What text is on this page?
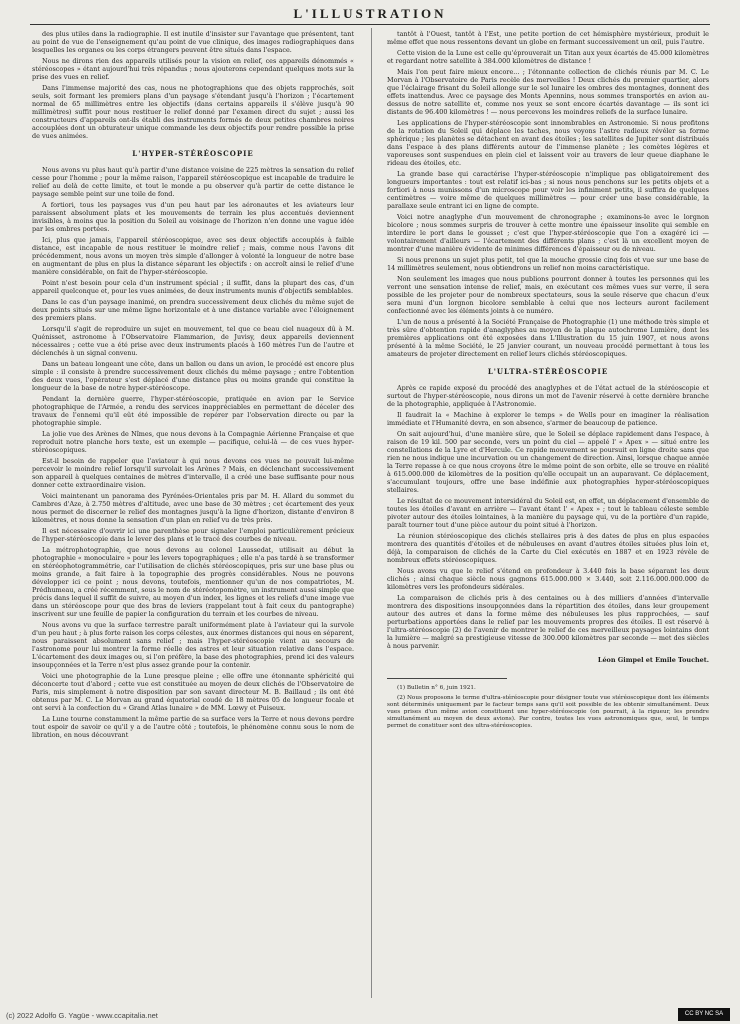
L'ILLUSTRATION

des plus utiles dans la radiographie. Il est inutile d'insister sur l'avantage que présentent, tant au point de vue de l'enseignement qu'au point de vue clinique, des images radiographiques dans lesquelles les organes ou les corps étrangers peuvent être situés dans l'espace.

Nous ne dirons rien des appareils utilisés pour la vision en relief, ces appareils dénommés « stéréoscopes » étant aujourd'hui très répandus ; nous ajouterons cependant quelques mots sur la prise des vues en relief.

Dans l'immense majorité des cas, nous ne photographions que des objets rapprochés, soit seuls, soit formant les premiers plans d'un paysage s'étendant jusqu'à l'horizon ; l'écartement normal de 65 millimètres entre les objectifs (dans certains appareils il s'élève jusqu'à 90 millimètres) suffit pour nous restituer le relief donné par l'examen direct du sujet ; aussi les constructeurs d'appareils ont-ils établi des instruments formés de deux petites chambres noires accouplées dont un obturateur unique commande les deux objectifs pour rendre possible la prise de vues animées.

L'HYPER-STÉRÉOSCOPIE

Nous avons vu plus haut qu'à partir d'une distance voisine de 225 mètres la sensation du relief cesse pour l'homme ; pour la même raison, l'appareil stéréoscopique est incapable de traduire le relief au delà de cette limite, et tout le monde a pu observer qu'à partir de cette distance le paysage semble peint sur une toile de fond.

A fortiori, tous les paysages vus d'un peu haut par les aéronautes et les aviateurs leur paraissent absolument plats et les mouvements de terrain les plus accentués deviennent invisibles, à moins que la position du Soleil au voisinage de l'horizon n'en donne une vague idée par les ombres portées.

Ici, plus que jamais, l'appareil stéréoscopique, avec ses deux objectifs accouplés à faible distance, est incapable de nous restituer le moindre relief ; mais, comme nous l'avons dit précédemment, nous avons un moyen très simple d'allonger à volonté la longueur de notre base en augmentant de plus en plus la distance séparant les objectifs : on accroît ainsi le relief d'une manière considérable, on fait de l'hyper-stéréoscopie.

Point n'est besoin pour cela d'un instrument spécial ; il suffit, dans la plupart des cas, d'un appareil quelconque et, pour les vues animées, de deux instruments munis d'objectifs semblables.

Dans le cas d'un paysage inanimé, on prendra successivement deux clichés du même sujet de deux points situés sur une même ligne horizontale et à une distance variable avec l'éloignement des premiers plans.

Lorsqu'il s'agit de reproduire un sujet en mouvement, tel que ce beau ciel nuageux dû à M. Quénisset, astronome à l'Observatoire Flammarion, de Juvisy, deux appareils deviennent nécessaires ; cette vue a été prise avec deux instruments placés à 160 mètres l'un de l'autre et déclenchés à un signal convenu.

Dans un bateau longeant une côte, dans un ballon ou dans un avion, le procédé est encore plus simple : il consiste à prendre successivement deux clichés du même paysage ; entre l'obtention des deux vues, l'opérateur s'est déplacé d'une distance plus ou moins grande qui constitue la longueur de la base de notre hyper-stéréoscope.

Pendant la dernière guerre, l'hyper-stéréoscopie, pratiquée en avion par le Service photographique de l'Armée, a rendu des services inappréciables en permettant de déceler des travaux de l'ennemi qu'il eût été impossible de repérer par l'observation directe ou par la photographie simple.

La jolie vue des Arènes de Nîmes, que nous devons à la Compagnie Aérienne Française et que reproduit notre planche hors texte, est un exemple — pacifique, celui-là — de ces vues hyper-stéréoscopiques.

Est-il besoin de rappeler que l'aviateur à qui nous devons ces vues ne pouvait lui-même percevoir le moindre relief lorsqu'il survolait les Arènes ? Mais, en déclenchant successivement son appareil à quelques centaines de mètres d'intervalle, il a créé une base suffisante pour nous donner cette extraordinaire vision.

Voici maintenant un panorama des Pyrénées-Orientales pris par M. H. Allard du sommet du Cambres d'Aze, à 2.750 mètres d'altitude, avec une base de 30 mètres ; cet écartement des yeux nous permet de discerner le relief des montagnes jusqu'à la ligne d'horizon, distante d'environ 8 kilomètres, et nous donne la sensation d'un plan en relief vu de très près.

Il est nécessaire d'ouvrir ici une parenthèse pour signaler l'emploi particulièrement précieux de l'hyper-stéréoscopie dans le lever des plans et le tracé des courbes de niveau.

La métrophotographie, que nous devons au colonel Laussedat, utilisait au début la photographie « monoculaire » pour les levers topographiques ; elle n'a pas tardé à se transformer en stéréophotogrammétrie, car l'utilisation de clichés stéréoscopiques, pris sur une base plus ou moins grande, a fait faire à la topographie des progrès considérables. Nous ne pouvons développer ici ce point ; nous devons, toutefois, mentionner qu'un de nos compatriotes, M. Prédhumeau, a créé récemment, sous le nom de stéréotopomètre, un instrument aussi simple que précis dans lequel il suffit de suivre, au moyen d'un index, les lignes et les reliefs d'une image vue dans un stéréoscope pour que des bras de leviers (rappelant tout à fait ceux du pantographe) inscrivent sur une feuille de papier la configuration du terrain et les courbes de niveau.

Nous avons vu que la surface terrestre paraît uniformément plate à l'aviateur qui la survole d'un peu haut ; à plus forte raison les corps célestes, aux énormes distances qui nous en séparent, nous paraissent absolument sans relief ; mais l'hyper-stéréoscopie vient au secours de l'astronome pour lui montrer la forme réelle des astres et leur situation relative dans l'espace. L'écartement des deux images ou, si l'on préfère, la base des photographies, prend ici des valeurs insoupçonnées et la Terre n'est plus assez grande pour la contenir.

Voici une photographie de la Lune presque pleine ; elle offre une étonnante sphéricité qui déconcerte tout d'abord ; cette vue est constituée au moyen de deux clichés de l'Observatoire de Paris, mis simplement à notre disposition par son savant directeur M. B. Baillaud ; ils ont été obtenus par M. C. Le Morvan au grand équatorial coudé de 18 mètres 05 de longueur focale et ont servi à la confection du « Grand Atlas lunaire » de MM. Lœwy et Puiseux.

La Lune tourne constamment la même partie de sa surface vers la Terre et nous devons perdre tout espoir de savoir ce qu'il y a de l'autre côté ; toutefois, le phénomène connu sous le nom de libration, en nous découvrant

tantôt à l'Ouest, tantôt à l'Est, une petite portion de cet hémisphère mystérieux, produit le même effet que nous ressentons devant un globe en fermant successivement un œil, puis l'autre.

Cette vision de la Lune est celle qu'éprouverait un Titan aux yeux écartés de 45.000 kilomètres et regardant notre satellite à 384.000 kilomètres de distance !

Mais l'on peut faire mieux encore... ; l'étonnante collection de clichés réunis par M. C. Le Morvan à l'Observatoire de Paris recèle des merveilles ! Deux clichés du premier quartier, alors que l'éclairage frisant du Soleil allonge sur le sol lunaire les ombres des montagnes, donnent des effets inattendus. Avec ce paysage des Monts Apennins, nous sommes transportés en avion au-dessus de notre satellite et, comme nos yeux se sont encore écartés davantage — ils sont ici distants de 96.400 kilomètres ! — nous percevons les moindres reliefs de la surface lunaire.

Les applications de l'hyper-stéréoscopie sont innombrables en Astronomie. Si nous profitons de la rotation du Soleil qui déplace les taches, nous voyons l'astre radieux révéler sa forme sphérique ; les planètes se détachent en avant des étoiles ; les satellites de Jupiter sont distribués dans l'espace à des plans différents autour de l'immense planète ; les comètes légères et vaporeuses sont suspendues en plein ciel et laissent voir au travers de leur queue diaphane le rideau des étoiles, etc.

La grande base qui caractérise l'hyper-stéréoscopie n'implique pas obligatoirement des longueurs importantes : tout est relatif ici-bas ; si nous nous penchons sur les petits objets et a fortiori à nous munissons d'un microscope pour voir les infiniment petits, il suffira de quelques centimètres — voire même de quelques millimètres — pour créer une base considérable, la parallaxe seule entrant ici en ligne de compte.

Voici notre anaglyphe d'un mouvement de chronographe ; examinons-le avec le lorgnon bicolore ; nous sommes surpris de trouver à cette montre une épaisseur insolite qui semble en interdire le port dans le gousset ; c'est que l'hyper-stéréoscopie que l'on a exagéré ici — volontairement d'ailleurs — l'écartement des différents plans ; c'est là un excellent moyen de montrer d'une manière évidente de minimes différences d'épaisseur ou de niveau.

Si nous prenons un sujet plus petit, tel que la mouche grossie cinq fois et vue sur une base de 14 millimètres seulement, nous obtiendrons un relief non moins caractéristique.

Non seulement les images que nous publions pourront donner à toutes les personnes qui les verront une sensation intense de relief, mais, en exécutant ces mêmes vues sur verre, il sera possible de les projeter pour de nombreux spectateurs, sous la seule réserve que chacun d'eux sera muni d'un lorgnon bicolore semblable à celui que nos lecteurs auront facilement confectionné avec les éléments joints à ce numéro.

L'un de nous a présenté à la Société Française de Photographie (1) une méthode très simple et très sûre d'obtention rapide d'anaglyphes au moyen de la plaque autochrome Lumière, dont les premières applications ont été exposées dans L'Illustration du 15 juin 1907, et nous avons présenté à la même Société, le 25 janvier courant, un nouveau procédé permettant à tous les amateurs de projeter directement en relief leurs clichés stéréoscopiques.

L'ULTRA-STÉRÉOSCOPIE

Après ce rapide exposé du procédé des anaglyphes et de l'état actuel de la stéréoscopie et surtout de l'hyper-stéréoscopie, nous dirons un mot de l'avenir réservé à cette dernière branche de la photographie, appliquée à l'Astronomie.

Il faudrait la « Machine à explorer le temps » de Wells pour en imaginer la réalisation immédiate et l'Humanité devra, en son absence, s'armer de beaucoup de patience.

On sait aujourd'hui, d'une manière sûre, que le Soleil se déplace rapidement dans l'espace, à raison de 19 kil. 500 par seconde, vers un point du ciel — appelé l' « Apex » — situé entre les constellations de la Lyre et d'Hercule. Ce rapide mouvement se poursuit en ligne droite sans que rien ne nous indique une incurvation ou un changement de direction. Ainsi, lorsque chaque année la Terre repasse à ce que nous croyons être le même point de son orbite, elle se trouve en réalité à 615.000.000 de kilomètres de la position qu'elle occupait un an auparavant. Ce déplacement, s'accumulant toujours, offre une base indéfinie aux photographies hyper-stéréoscopiques stellaires.

Le résultat de ce mouvement intersidéral du Soleil est, en effet, un déplacement d'ensemble de toutes les étoiles d'avant en arrière — l'avant étant l' « Apex » ; tout le tableau céleste semble pivoter autour des étoiles lointaines, à la manière du paysage qui, vu de la portière d'un rapide, paraît tourner tout d'une pièce autour du point situé à l'horizon.

La réunion stéréoscopique des clichés stellaires pris à des dates de plus en plus espacées montrera des quantités d'étoiles et de nébuleuses en avant d'autres étoiles situées plus loin et, déjà, la comparaison de clichés de la Carte du Ciel exécutés en 1887 et en 1923 révèle de nombreux effets stéréoscopiques.

Nous avons vu que le relief s'étend en profondeur à 3.440 fois la base séparant les deux clichés ; ainsi chaque siècle nous gagnons 615.000.000 × 3.440, soit 2.116.000.000.000 de kilomètres vers les profondeurs sidérales.

La comparaison de clichés pris à des centaines ou à des milliers d'années d'intervalle montrera des dispositions insoupçonnées dans la répartition des étoiles, dans leur groupement autour des autres et dans la forme même des nébuleuses les plus rapprochées, — sauf perturbations apportées dans le relief par les mouvements propres des étoiles. Il est réservé à l'ultra-stéréoscopie (2) de l'avenir de montrer le relief de ces merveilleux paysages lointains dont la lumière — malgré sa prestigieuse vitesse de 300.000 kilomètres par seconde — met des siècles à nous parvenir.

Léon Gimpel et Emile Touchet.

(1) Bulletin n° 6, juin 1921.

(2) Nous proposons le terme d'ultra-stéréoscopie pour désigner toute vue stéréoscopique dont les éléments sont déterminés uniquement par le facteur temps sans qu'il soit possible de les obtenir simultanément. Deux vues prises d'un même avion constituent une hyper-stéréoscopie (on pourrait, à la rigueur, les prendre simultanément au moyen de deux avions). Par contre, toutes les vues astronomiques que, seul, le temps permet de constituer sont des ultra-stéréoscopies.

(c) 2022 Adolfo G. Yagüe - www.ccapitalia.net	CC BY NC SA
